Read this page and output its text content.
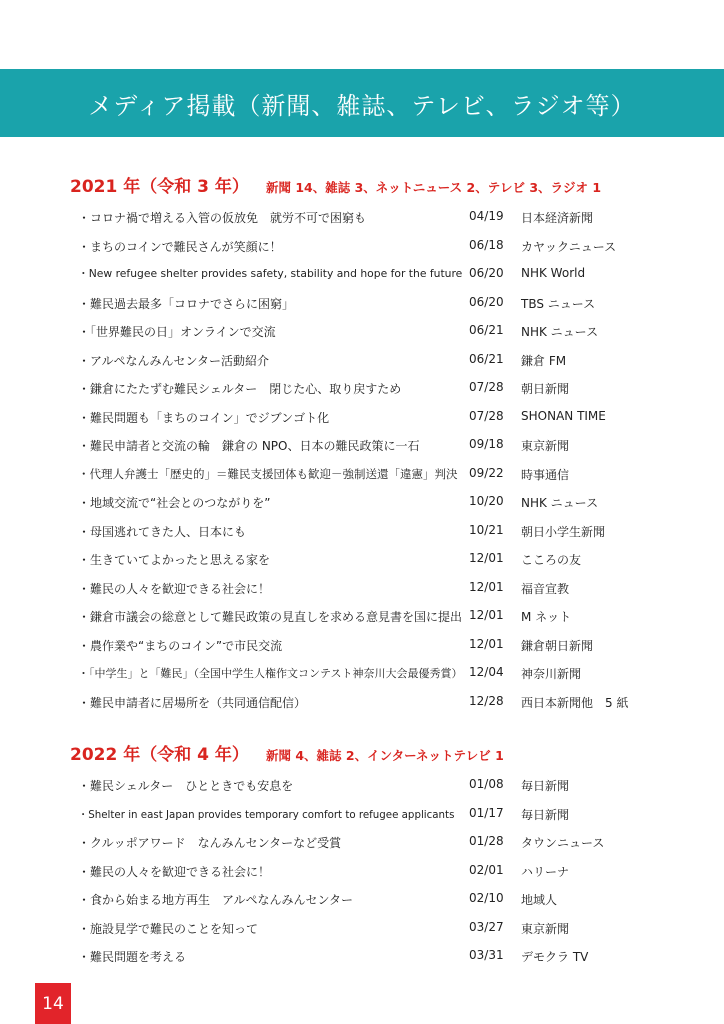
メディア掲載（新聞、雑誌、テレビ、ラジオ等）
2021 年（令和 3 年） 新聞 14、雑誌 3、ネットニュース 2、テレビ 3、ラジオ 1
・コロナ禍で増える入管の仮放免　就労不可で困窮も	04/19 日本経済新聞
・まちのコインで難民さんが笑顔に！	06/18 カヤックニュース
・New refugee shelter provides safety, stability and hope for the future 06/20 NHK World
・難民過去最多「コロナでさらに困窮」	06/20 TBS ニュース
・「世界難民の日」オンラインで交流	06/21 NHK ニュース
・アルペなんみんセンター活動紹介	06/21 鎌倉 FM
・鎌倉にたたずむ難民シェルター　閉じた心、取り戻すため	07/28 朝日新聞
・難民問題も「まちのコイン」でジブンゴト化	07/28 SHONAN TIME
・難民申請者と交流の輪　鎌倉の NPO、日本の難民政策に一石	09/18 東京新聞
・代理人弁護士「歴史的」＝難民支援団体も歓迎－強制送還「違憲」判決 09/22 時事通信
・地域交流で“社会とのつながりを”	10/20 NHK ニュース
・母国逃れてきた人、日本にも	10/21 朝日小学生新聞
・生きていてよかったと思える家を	12/01 こころの友
・難民の人々を歓迎できる社会に！	12/01 福音宣教
・鎌倉市議会の総意として難民政策の見直しを求める意見書を国に提出 12/01 M ネット
・農作業や“まちのコイン”で市民交流	12/01 鎌倉朝日新聞
・「中学生」と「難民」（全国中学生人権作文コンテスト神奈川大会最優秀賞） 12/04 神奈川新聞
・難民申請者に居場所を（共同通信配信）	12/28 西日本新聞他　5 紙
2022 年（令和 4 年） 新聞 4、雑誌 2、インターネットテレビ 1
・難民シェルター　ひとときでも安息を	01/08 毎日新聞
・Shelter in east Japan provides temporary comfort to refugee applicants 01/17 毎日新聞
・クルッポアワード　なんみんセンターなど受賞	01/28 タウンニュース
・難民の人々を歓迎できる社会に！	02/01 ハリーナ
・食から始まる地方再生　アルペなんみんセンター	02/10 地域人
・施設見学で難民のことを知って	03/27 東京新聞
・難民問題を考える	03/31 デモクラ TV
14
